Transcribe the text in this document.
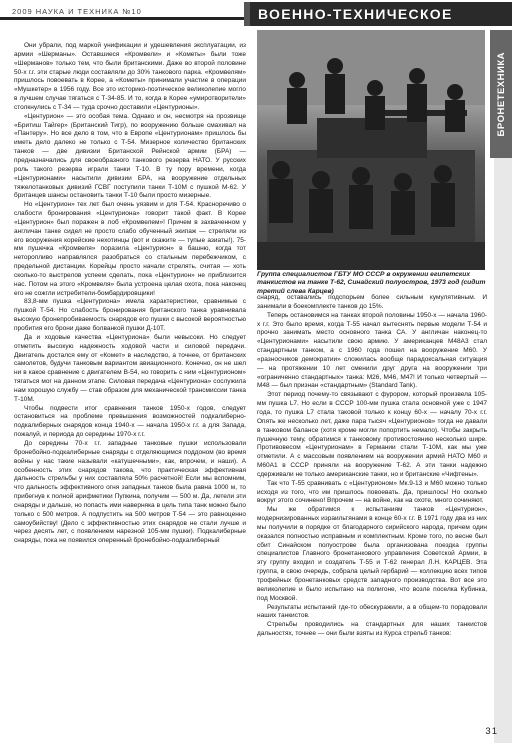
2009 НАУКА И ТЕХНИКА №10	ВОЕННО-ТЕХНИЧЕСКОЕ
БРОНЕТЕХНИКА

Они убрали, под маркой унификации и удешевления эксплуатации, из армии «Шерманы». Оставшиеся «Кромвели» и «Кометы» были тоже «Шерманов» только тем, что были британскими. Даже во второй половине 50-х г.г. эти старые люди составляли до 30% танкового парка. «Кромвелям» пришлось повоевать в Корее, а «Кометы» принимали участие в операции «Мушкетер» в 1956 году. Все это историко-поэтическое великолепие могло в лучшем случае тягаться с Т-34-85. И то, когда в Корее «умиротворители» столкнулись с Т-34 — туда срочно доставили «Центурионы».

«Центурион» — это особая тема. Однако и он, несмотря на прозвище «Бритиш Тайгер» (Британский Тигр), по вооружению больше смахивал на «Пантеру». Но все дело в том, что в Европе «Центурионам» пришлось бы иметь дело далеко не только с Т-54. Мизерное количество британских танков — две дивизии Британской Рейнской армии (БРА) — предназначались для своеобразного танкового резерва НАТО. У русских роль такого резерва играли танки Т-10. В ту пору времени, когда «Центурионами» насытили дивизии БРА, на вооружение отдельных тяжелотанковых дивизий ГСВГ поступили танки Т-10М с пушкой М-62. У британцев шансы остановить танки Т-10 были просто мизерные.

Но «Центурион» тех лет был очень уязвим и для Т-54. Красноречиво о слабости бронирования «Центуриона» говорит такой факт. В Корее «Центурион» был поражен в лоб «Кромвелем»! Причем в захваченном у англичан танке сидел не просто слабо обученный экипаж — стреляли из его вооружения корейские нехотинцы (вот и скажите — тупые азиаты!). 75-мм пушечка «Кромвеля» поразила «Центурион» в башню, когда тот неторопливо направлялся разобраться со стальным перебежчиком, с предельной дистанции. Корейцы просто начали стрелять, считая — хоть сколько-то выстрелов успеем сделать, пока «Центурион» не приблизится нас. Потом на этого «Кромвеля» была устроена целая охота, пока наконец его не сожгли истребители-бомбардировщики!

83,8-мм пушка «Центуриона» имела характеристики, сравнимые с пушкой Т-54. Но слабость бронирования британского танка уравнивала высокую бронепробиваемость снарядов его пушки с высокой вероятностью пробития его брони даже болванкой пушки Д-10Т.

Да и ходовые качества «Центуриона» были невысоки. Но следует отметить высокую надежность ходовой части и силовой передачи. Двигатель достался ему от «Комет» в наследство, а точнее, от британских самолетов, будучи танковым вариантом авиационного. Конечно, он не шел ни в какое сравнение с двигателем В-54, но говорить с ним «Центурионом» тягаться мог на данном этапе. Силовая передача «Центуриона» сослужила нам хорошую службу — став образом для механической трансмиссии танка Т-10М.

Чтобы подвести итог сравнения танков 1950-х годов, следует остановиться на проблеме превышения возможностей подкалиберно-подкалиберных снарядов конца 1940-х — начала 1950-х г.г. а для Запада, пожалуй, и периода до середины 1970-х г.г.

До середины 70-х г.г. западные танковые пушки использовали бронебойно-подкалиберные снаряды с отделяющимся поддоном (во время войны у нас такие называли «катушечными», как, впрочем, и наши). А особенность этих снарядов такова, что практическая эффективная дальность стрельбы у них составляла 50% расчетной! Если мы вспомним, что дальность эффективного огня западных танков была равна 1000 м, то прибегнув к полной арифметики Пупкина, получим — 500 м. Да, летели эти снаряды и дальше, но попасть ими наверняка в цель типа танк можно было только с 500 метров. А подпустить на 500 метров Т-54 — это равноценно самоубийству! (Дело с эффективностью этих снарядов не стали лучше и через десять лет, с появлением нарезной 105-мм пушки). Подкалиберные снаряды, пока не появился оперенный бронебойно-подкалиберный

Группа специалистов ГБТУ МО СССР в окружении египетских танкистов на танке Т-62, Синайский полуостров, 1973 год (сидит третий слева Карцев)

снаряд, оставались подспорьем более сильным кумулятивным. И занимали в боекомплекте танков до 15%.

Теперь остановимся на танках второй половины 1950-х — начала 1960-х г.г. Это было время, когда Т-55 начал вытеснять первые модели Т-54 и прочно занимать место основного танка СА. У англичан наконец-то «Центурионами» насытили свою армию. У американцев М48А3 стал стандартным танком, а с 1960 года пошел на вооружение М60. У «разносчиков демократии» сложилась вообще парадоксальная ситуация — на протяжении 10 лет сменили друг друга на вооружении три «ограниченно стандартных» танка: М26, М46, М47! И только четвертый — М48 — был признан «стандартным» (Standard Tank).

Этот период почему-то связывают с фурором, который произвела 105-мм пушка L7. Но если в СССР 100-мм пушка стала основной уже с 1947 года, то пушка L7 стала таковой только к концу 60-х — началу 70-х г.г. Опять же несколько лет, даже пара тысяч «Центурионов» тогда не давали в танковом балансе (хотя кроме могли попортить немало). Чтобы закрыть пушечную тему, обратимся к танковому противостоянию несколько шире. Противовесом «Центурионам» в Германии стали Т-10М, как мы уже отметили. А с массовым появлением на вооружении армий НАТО М60 и М60А1 в СССР приняли на вооружение Т-62. А эти танки надежно сдерживали не только американские танки, но и британские «Чифтены».

Так что Т-55 сравнивать с «Центурионом» Мк.9-13 и М60 можно только исходя из того, что им пришлось повоевать. Да, пришлось! Но сколько вокруг этого сочинено! Впрочем — на войне, как на охоте, много сочиняют.

Мы же обратимся к испытаниям танков «Центурион», модернизированных израильтянами в конце 60-х г.г. В 1971 году два из них мы получили в порядке от благодарного сирийского народа, причем один оказался полностью исправным и комплектным. Кроме того, по весне был сбит Синайском полуострове была организована поездка группы специалистов Главного бронетанкового управления Советской Армии, в эту группу входил и создатель Т-55 и Т-62 генерал Л.Н. КАРЦЕВ. Эта группа, в свою очередь, собрала целый гербарий — коллекцию всех типов трофейных бронетанковых средств западного производства. Вот все это великолепие и было испытано на полигоне, что возле поселка Кубинка, под Москвой.

Результаты испытаний где-то обескуражили, а в общем-то порадовали наших танкистов.

Стрельбы проводились на стандартных для наших танкистов дальностях, точнее — они были взяты из Курса стрельб танков:

31
